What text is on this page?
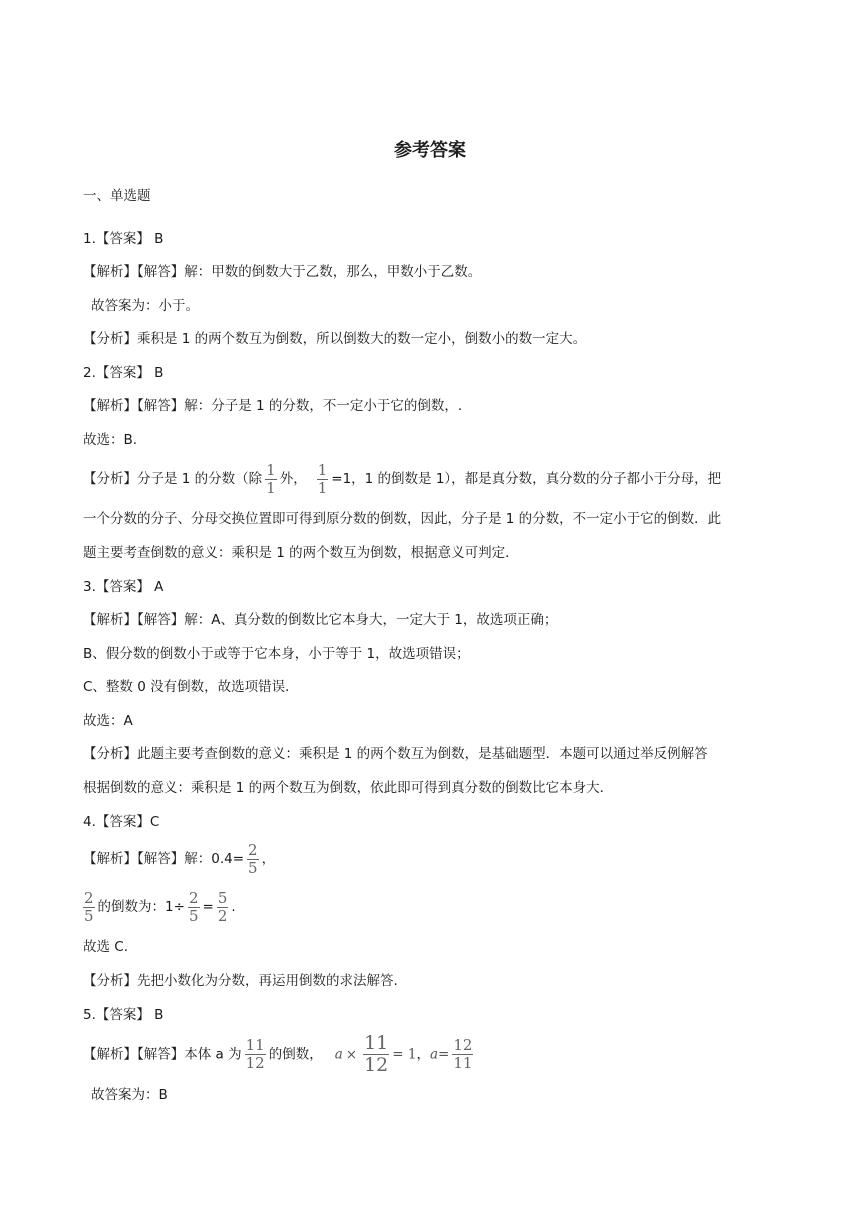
参考答案
一、单选题
1.【答案】 B
【解析】【解答】解：甲数的倒数大于乙数，那么，甲数小于乙数。
故答案为：小于。
【分析】乘积是 1 的两个数互为倒数，所以倒数大的数一定小，倒数小的数一定大。
2.【答案】 B
【解析】【解答】解：分子是 1 的分数，不一定小于它的倒数，.
故选：B.
【分析】分子是 1 的分数（除 $\frac{1}{1}$ 外， $\frac{1}{1} =1$，1 的倒数是 1），都是真分数，真分数的分子都小于分母，把
一个分数的分子、分母交换位置即可得到原分数的倒数，因此，分子是 1 的分数，不一定小于它的倒数．此
题主要考查倒数的意义：乘积是 1 的两个数互为倒数，根据意义可判定．
3.【答案】 A
【解析】【解答】解：A、真分数的倒数比它本身大，一定大于 1，故选项正确；
B、假分数的倒数小于或等于它本身，小于等于 1，故选项错误；
C、整数 0 没有倒数，故选项错误．
故选：A
【分析】此题主要考查倒数的意义：乘积是 1 的两个数互为倒数，是基础题型．本题可以通过举反例解答
根据倒数的意义：乘积是 1 的两个数互为倒数，依此即可得到真分数的倒数比它本身大．
4.【答案】C
【解析】【解答】解：$0.4= \frac{2}{5}$ ，
$\frac{2}{5}$ 的倒数为：$1\div \frac{2}{5} = \frac{5}{2}$ .
故选 C.
【分析】先把小数化为分数，再运用倒数的求法解答.
5.【答案】 B
【解析】【解答】本体 a 为 $\frac{11}{12}$ 的倒数， $a \times \frac{11}{12} = 1$，$a= \frac{12}{11}$
故答案为：B
